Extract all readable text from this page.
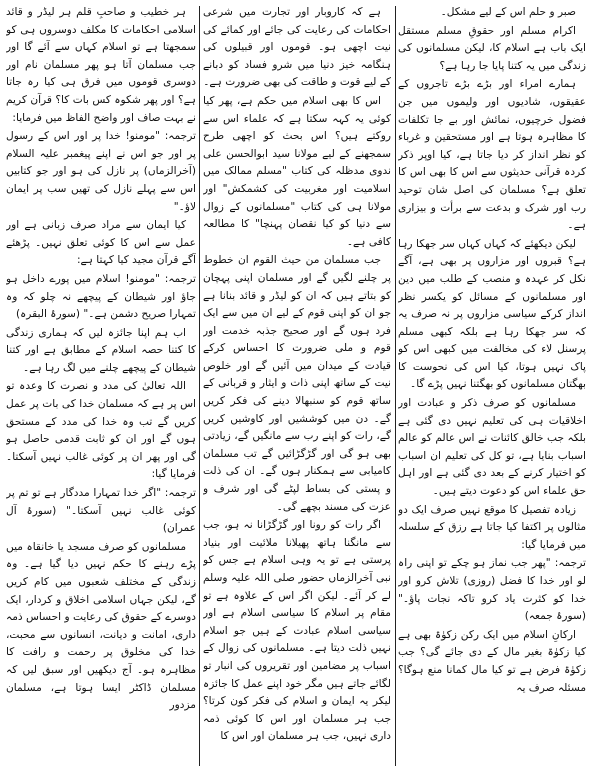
صبر و حلم اس کے لیے مشکل۔
اکرام مسلم اور حقوقِ مسلم مستقل ایک باب ہے اسلام کا، لیکن مسلمانوں کی زندگی میں یہ کتنا پایا جا رہا ہے؟
ہمارے امراء اور بڑے بڑے تاجروں کے عقیقوں، شادیوں اور ولیموں میں جن فضول خرچیوں، نمائش اور بے جا تکلفات کا مظاہرہ ہوتا ہے اور مستحقین و غرباء کو نظر انداز کر دیا جاتا ہے، کیا اوپر ذکر کردہ قرآنی حدیثوں سے اس کا بھی اس کا تعلق ہے؟ مسلمان کی اصل شان توحید رب اور شرک و بدعت سے برأت و بیزاری ہے۔
لیکن دیکھئے کہ کہاں کہاں سر جھکا رہا ہے؟ قبروں اور مزاروں پر بھی ہے، آگے نکل کر عہدہ و منصب کے طلب میں دین اور مسلمانوں کے مسائل کو یکسر نظر انداز کرکے سیاسی مزاروں پر نہ صرف یہ کہ سر جھکا رہا ہے بلکہ کبھی مسلم پرسنل لاء کی مخالفت میں کبھی اس کو پاک نہیں ہوتا، کیا اس کی نحوست کا بھگتان مسلمانوں کو بھگتنا نہیں پڑے گا۔
مسلمانوں کو صرف ذکر و عبادت اور اخلاقیات ہی کی تعلیم نہیں دی گئی ہے بلکہ جب خالق کائنات نے اس عالم کو عالم اسباب بنایا ہے، تو کل کی تعلیم ان اسباب کو اختیار کرنے کے بعد دی گئی ہے اور اہل حق علماء اس کو دعوت دیتے ہیں۔
زیادہ تفصیل کا موقع نہیں صرف ایک دو مثالوں پر اکتفا کیا جاتا ہے رزق کے سلسلہ میں فرمایا گیا:
ترجمہ: "پھر جب نماز ہو چکے تو اپنی راہ لو اور خدا کا فضل (روزی) تلاش کرو اور خدا کو کثرت یاد کرو تاکہ نجات پاؤ۔" (سورۂ جمعہ)
ارکانِ اسلام میں ایک رکن زکوٰۃ بھی ہے کیا زکوٰۃ بغیر مال کے دی جائے گی؟ جب زکوٰۃ فرض ہے تو کیا مال کمانا منع ہوگا؟ مسئلہ صرف یہ
ہے کہ کاروبار اور تجارت میں شرعی احکامات کی رعایت کی جائے اور کمائے کی نیت اچھی ہو۔ قوموں اور قبیلوں کی ہنگامہ خیز دنیا میں شرو فساد کو دبانے کے لیے قوت و طاقت کی بھی ضرورت ہے۔
اس کا بھی اسلام میں حکم ہے، پھر کیا کوئی یہ کہہ سکتا ہے کہ علماء اس سے روکتے ہیں؟ اس بحث کو اچھی طرح سمجھنے کے لیے مولانا سید ابوالحسن علی ندوی مدظلہ کی کتاب "مسلم ممالک میں اسلامیت اور مغربیت کی کشمکش" اور مولانا ہی کی کتاب "مسلمانوں کے زوال سے دنیا کو کیا نقصان پہنچا" کا مطالعہ کافی ہے۔
جب مسلمان من حیث القوم ان خطوط پر چلنے لگیں گے اور مسلمان اپنی پہچان کو بتاتے ہیں کہ ان کو لیڈر و قائد بنانا ہے جو ان کو اپنی قوم کے لیے ان میں سے ایک فرد ہوں گے اور صحیح جذبہ خدمت اور قوم و ملی ضرورت کا احساس کرکے قیادت کے میدان میں آئیں گے اور خلوص نیت کے ساتھ اپنی ذات و ایثار و قربانی کے ساتھ قوم کو سنبھالا دینے کی فکر کریں گے۔ دن میں کوششیں اور کاوشیں کریں گے، رات کو اپنے رب سے مانگیں گے، زیادتی بھی ہو گی اور گڑگڑائیں گے تب مسلمان کامیابی سے ہمکنار ہوں گے۔ ان کی ذلت و پستی کی بساط لپٹے گی اور شرف و عزت کی مسند بچھے گی۔
اگر رات کو رونا اور گڑگڑانا نہ ہو، جب سے مانگنا ہاتھ پھیلانا ملائیت اور بنیاد پرستی ہے تو یہ وہی اسلام ہے جس کو نبی آخرالزماں حضور صلی اللہ علیہ وسلم لے کر آئے۔ لیکن اگر اس کے علاوہ ہے تو مقام پر اسلام کا سیاسی اسلام ہے اور سیاسی اسلام عبادت کے ہیں جو اسلام نہیں ذلت دیتا ہے۔ مسلمانوں کی زوال کے اسباب پر مضامین اور تقریروں کی انبار تو لگائے جاتے ہیں مگر خود اپنے عمل کا جائزہ لیکر یہ ایمان و اسلام کی فکر کون کرتا؟ جب ہر مسلمان اور اس کا کوئی ذمہ داری نہیں، جب ہر مسلمان اور اس کا
ہر خطیب و صاحبِ قلم ہر لیڈر و قائد اسلامی احکامات کا مکلف دوسروں ہی کو سمجھتا ہے تو اسلام کہاں سے آئے گا اور جب مسلمان آتا ہو پھر مسلمان نام اور دوسری قوموں میں فرق ہی کیا رہ جاتا ہے؟ اور پھر شکوہ کس بات کا؟ قرآن کریم نے بہت صاف اور واضح الفاظ میں فرمایا:
ترجمہ: "مومنو! خدا پر اور اس کے رسول پر اور جو اس نے اپنے پیغمبر علیہ السلام (آخرالزماں) پر نازل کی ہو اور جو کتابیں اس سے پہلے نازل کی تھیں سب پر ایمان لاؤ۔"
کیا ایمان سے مراد صرف زبانی ہے اور عمل سے اس کا کوئی تعلق نہیں۔ پڑھئے آگے قرآن مجید کیا کہتا ہے:
ترجمہ: "مومنو! اسلام میں پورے داخل ہو جاؤ اور شیطان کے پیچھے نہ چلو کہ وہ تمہارا صریح دشمن ہے۔" (سورۂ البقرہ)
اب ہم اپنا جائزہ لیں کہ ہماری زندگی کا کتنا حصہ اسلام کے مطابق ہے اور کتنا شیطان کے پیچھے چلنے میں لگ رہا ہے۔
اللہ تعالیٰ کی مدد و نصرت کا وعدہ تو اس پر ہے کہ مسلمان خدا کی بات پر عمل کریں گے تب وہ خدا کی مدد کے مستحق ہوں گے اور ان کو ثابت قدمی حاصل ہو گی اور پھر ان پر کوئی غالب نہیں آسکتا۔ فرمایا گیا:
ترجمہ: "اگر خدا تمہارا مددگار ہے تو تم پر کوئی غالب نہیں آسکتا۔" (سورۂ آل عمران)
مسلمانوں کو صرف مسجد یا خانقاہ میں پڑے رہنے کا حکم نہیں دیا گیا ہے۔ وہ زندگی کے مختلف شعبوں میں کام کریں گے، لیکن جہاں اسلامی اخلاق و کردار، ایک دوسرے کے حقوق کی رعایت و احساس ذمہ داری، امانت و دیانت، انسانوں سے محبت، خدا کی مخلوق پر رحمت و رافت کا مظاہرہ ہو۔ آج دیکھیں اور سبق لیں کہ مسلمان ڈاکٹر ایسا ہوتا ہے، مسلمان مزدور
